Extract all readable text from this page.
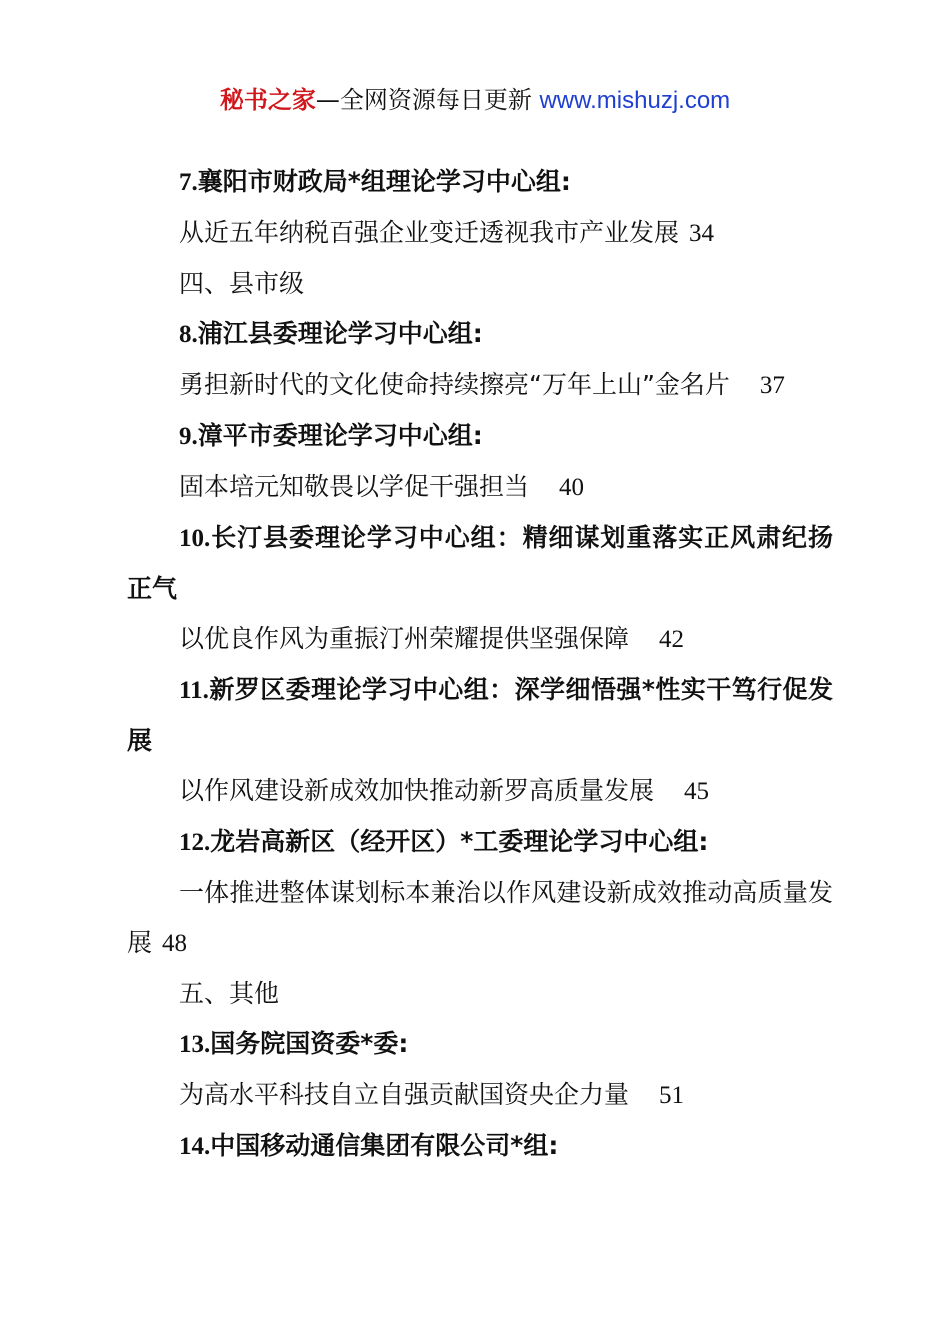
秘书之家—全网资源每日更新 www.mishuzj.com
7.襄阳市财政局*组理论学习中心组:
从近五年纳税百强企业变迁透视我市产业发展 34
四、县市级
8.浦江县委理论学习中心组:
勇担新时代的文化使命持续擦亮“万年上山”金名片 37
9.漳平市委理论学习中心组:
固本培元知敬畏以学促干强担当 40
10.长汀县委理论学习中心组：精细谋划重落实正风肃纪扬正气
以优良作风为重振汀州荣耀提供坚强保障 42
11.新罗区委理论学习中心组：深学细悟强*性实干笃行促发展
以作风建设新成效加快推动新罗高质量发展 45
12.龙岩高新区（经开区）*工委理论学习中心组:
一体推进整体谋划标本兼治以作风建设新成效推动高质量发展 48
五、其他
13.国务院国资委*委:
为高水平科技自立自强贡献国资央企力量 51
14.中国移动通信集团有限公司*组:
